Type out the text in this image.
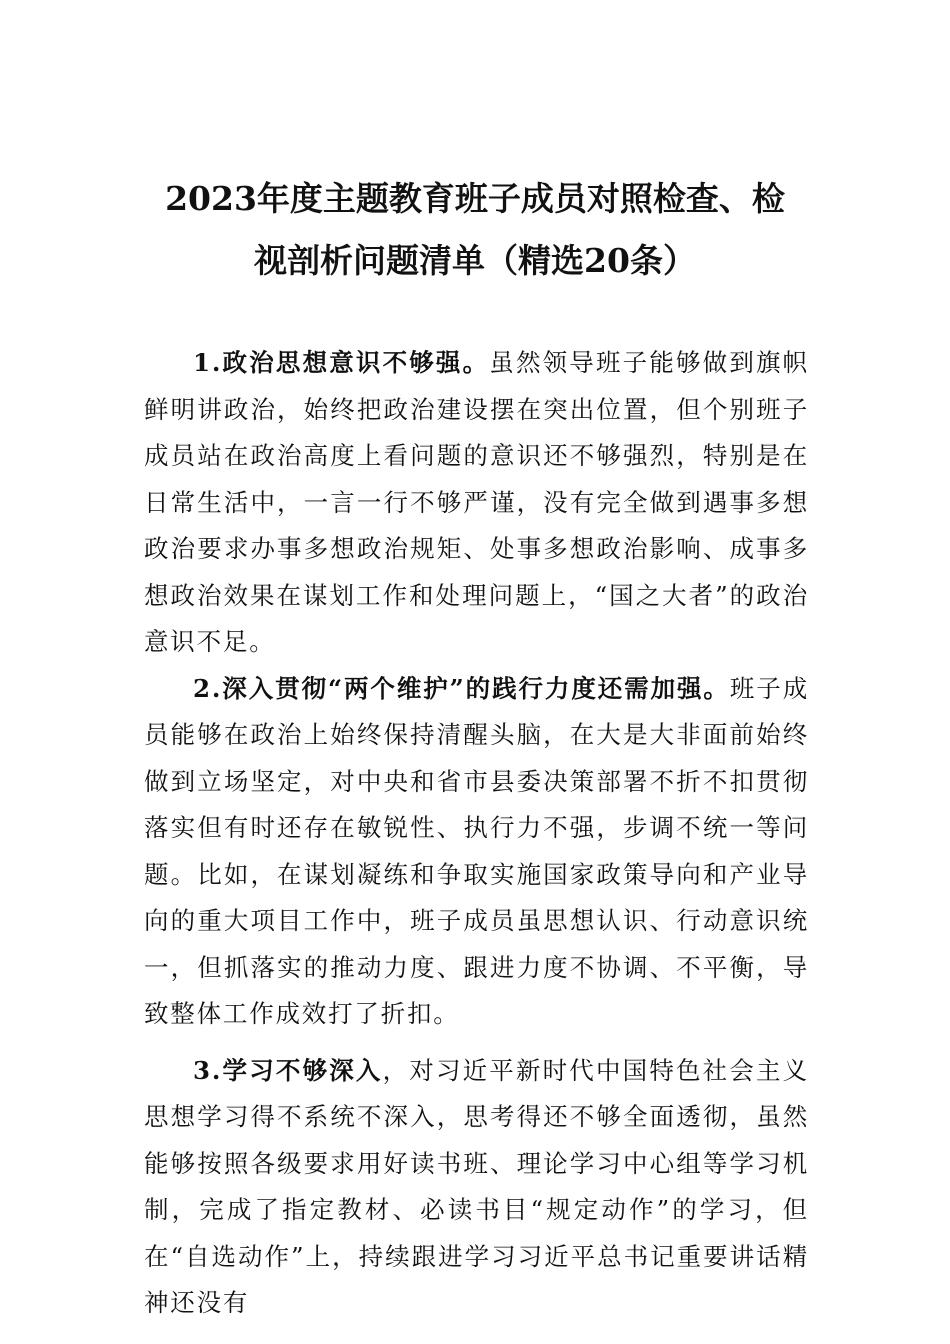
2023年度主题教育班子成员对照检查、检
视剖析问题清单（精选20条）

1.政治思想意识不够强。虽然领导班子能够做到旗帜鲜明讲政治，始终把政治建设摆在突出位置，但个别班子成员站在政治高度上看问题的意识还不够强烈，特别是在日常生活中，一言一行不够严谨，没有完全做到遇事多想政治要求办事多想政治规矩、处事多想政治影响、成事多想政治效果在谋划工作和处理问题上，“国之大者”的政治意识不足。

2.深入贯彻“两个维护”的践行力度还需加强。班子成员能够在政治上始终保持清醒头脑，在大是大非面前始终做到立场坚定，对中央和省市县委决策部署不折不扣贯彻落实但有时还存在敏锐性、执行力不强，步调不统一等问题。比如，在谋划凝练和争取实施国家政策导向和产业导向的重大项目工作中，班子成员虽思想认识、行动意识统一，但抓落实的推动力度、跟进力度不协调、不平衡，导致整体工作成效打了折扣。

3.学习不够深入，对习近平新时代中国特色社会主义思想学习得不系统不深入，思考得还不够全面透彻，虽然能够按照各级要求用好读书班、理论学习中心组等学习机制，完成了指定教材、必读书目“规定动作”的学习，但在“自选动作”上，持续跟进学习习近平总书记重要讲话精神还没有
